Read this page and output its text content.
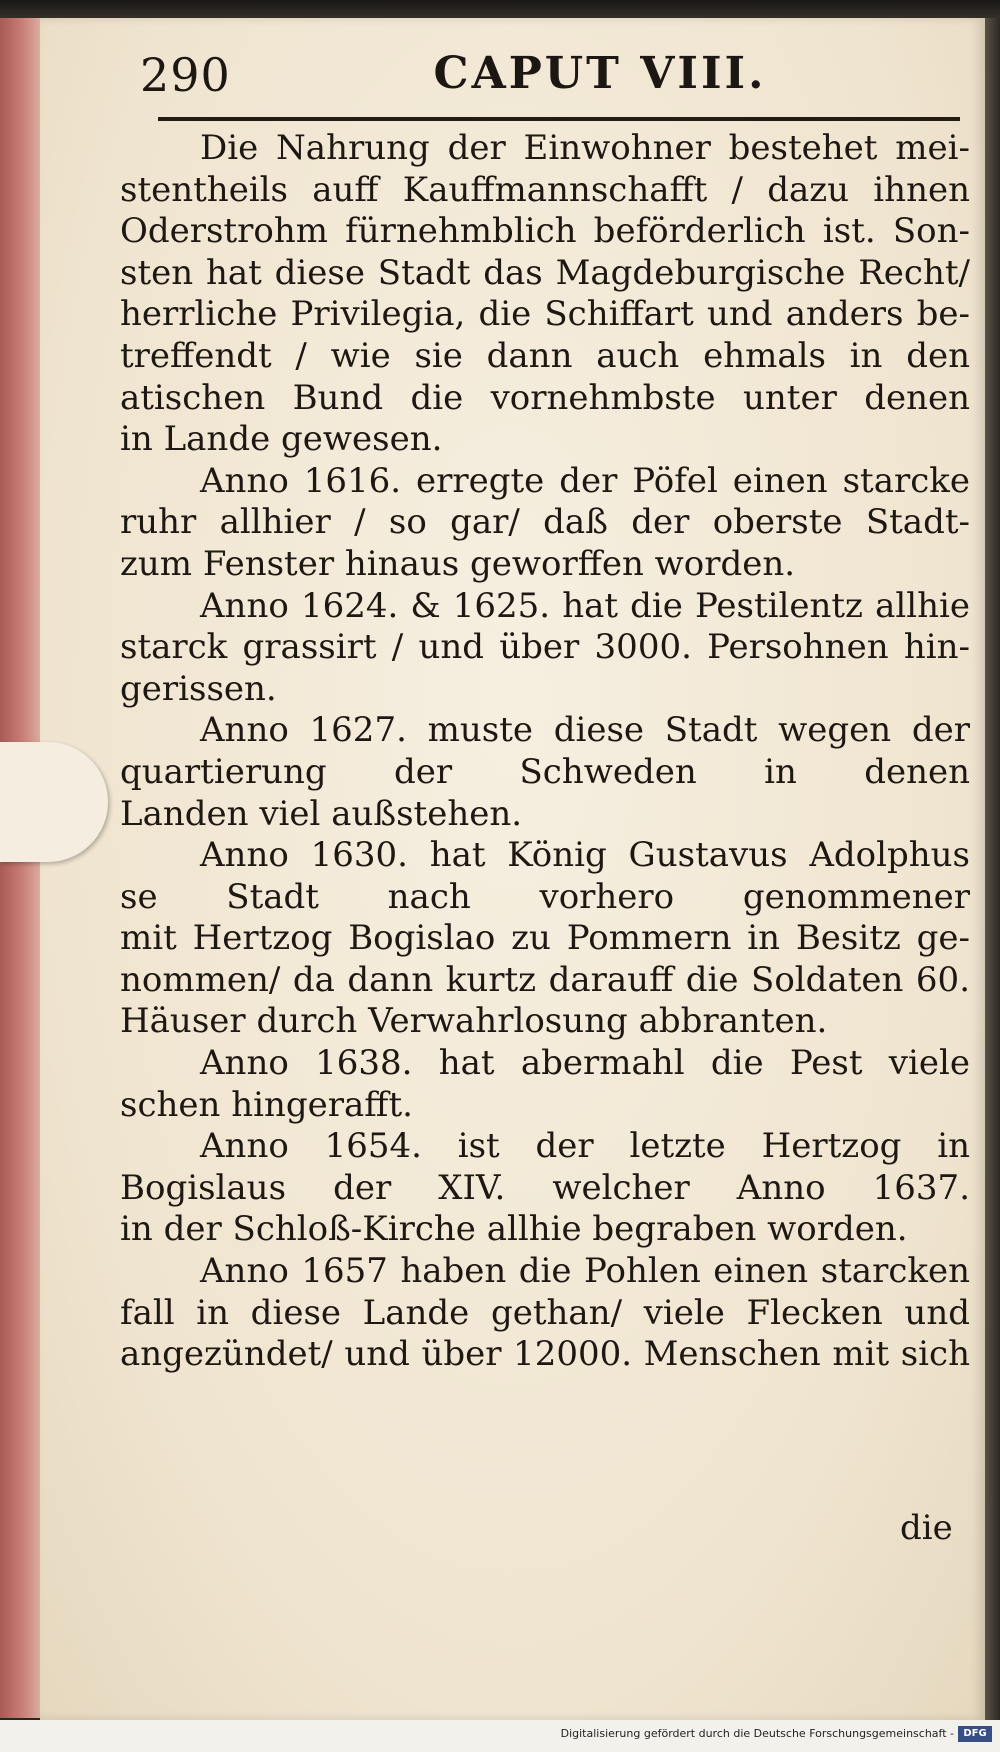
290	CAPUT VIII.
Die Nahrung der Einwohner bestehet mei-
stentheils auff Kauffmannschafft / dazu ihnen
Oderstrohm fürnehmblich beförderlich ist. Son-
sten hat diese Stadt das Magdeburgische Recht/
herrliche Privilegia, die Schiffart und anders be-
treffendt / wie sie dann auch ehmals in den
atischen Bund die vornehmbste unter denen
in Lande gewesen.
Anno 1616. erregte der Pöfel einen starcke
ruhr allhier / so gar/ daß der oberste Stadt-
zum Fenster hinaus geworffen worden.
Anno 1624. & 1625. hat die Pestilentz allhie
starck grassirt / und über 3000. Persohnen hin-
gerissen.
Anno 1627. muste diese Stadt wegen der
quartierung der Schweden in denen
Landen viel außstehen.
Anno 1630. hat König Gustavus Adolphus
se Stadt nach vorhero genommener
mit Hertzog Bogislao zu Pommern in Besitz ge-
nommen/ da dann kurtz darauff die Soldaten 60.
Häuser durch Verwahrlosung abbranten.
Anno 1638. hat abermahl die Pest viele
schen hingerafft.
Anno 1654. ist der letzte Hertzog in
Bogislaus der XIV. welcher Anno 1637.
in der Schloß-Kirche allhie begraben worden.
Anno 1657 haben die Pohlen einen starcken
fall in diese Lande gethan/ viele Flecken und
angezündet/ und über 12000. Menschen mit sich
die
Digitalisierung gefördert durch die Deutsche Forschungsgemeinschaft - DFG
